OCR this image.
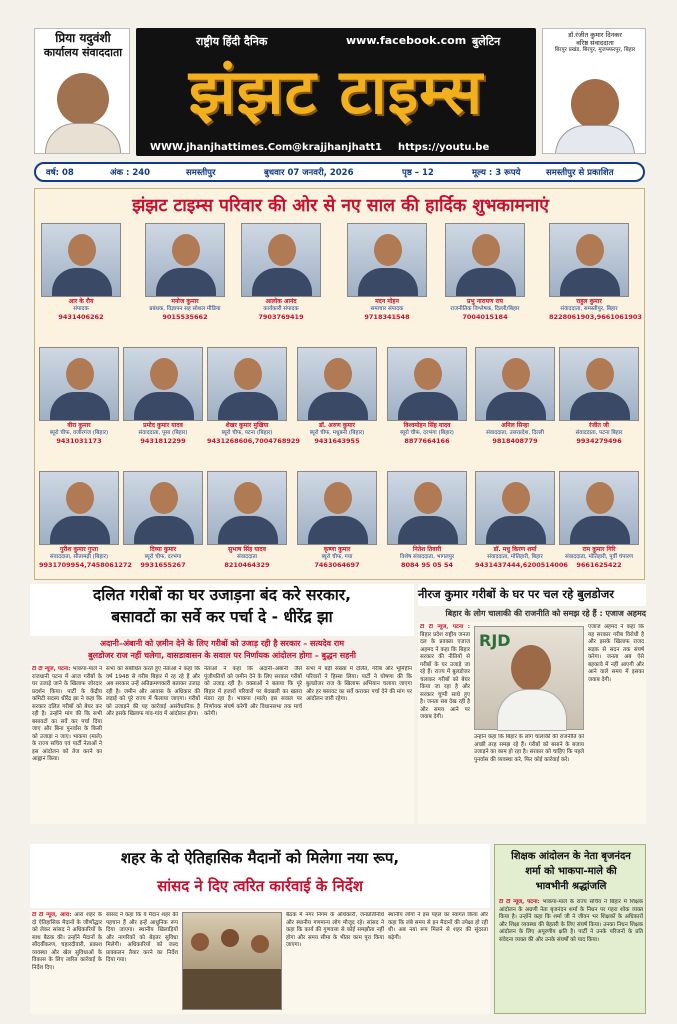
प्रिया यदुवंशी
कार्यालय संवाददाता
राष्ट्रीय हिंदी दैनिक	www.facebook.com बुलेटिन
झंझट टाइम्स
WWW.jhanjhattimes.Com @krajjhanjhatt1 https://youtu.be
डॉ.रंजीत कुमार दिनकर
वरिष्ठ संवाददाता
बिरपुर प्रखंड, बिरपुर, मुजफ्फरपुर, बिहार
वर्ष: 08	अंक : 240	समस्तीपुर	बुधवार 07 जनवरी, 2026	पृष्ठ – 12	मूल्य : 3 रूपये	समस्तीपुर से प्रकाशित
झंझट टाइम्स परिवार की ओर से नए साल की हार्दिक शुभकामनाएं
आर के रौय
संपादक
9431406262
मनोज कुमार
प्रबंधक, विज्ञापन सह सोशल मीडिया
9015535662
आलोक आनंद
कार्यकारी संपादक
7903769419
मदन मोहन
समाचार संपादक
9718341548
प्रभु नारायण राय
राजनीतिक विश्लेषक, दिल्ली/बिहार
7004015184
राहुल कुमार
संवाददाता, समस्तीपुर, बिहार
8228061903,9661061903
वीरा कुमार
ब्यूरो चीफ, वजीरगंज (बिहार)
9431031173
प्रमोद कुमार यादव
संवाददाता, पूसा (बिहार)
9431812299
शेखर कुमार मुखिया
ब्यूरो चीफ, पटना (बिहार)
9431268606,7004768929
डॉ. अरुण कुमार
ब्यूरो चीफ, मधुबनी (बिहार)
9431643955
विश्वमोहन सिंह यादव
ब्यूरो चीफ, दरभंगा (बिहार)
8877664166
अनिल सिन्हा
संवाददाता, उत्तरप्रदेश, दिल्ली
9818408779
रंजीत जी
संवाददाता, पटना बिहार
9934279496
गुरीश कुमार गुप्ता
संवाददाता, सीतामढ़ी (बिहार)
9931709954,7458061272
दिव्या कुमार
ब्यूरो चीफ, दरभंगा
9931655267
सुभाष सिंह यादव
संवाददाता
8210464329
कृष्णा कुमार
ब्यूरो चीफ, गया
7463064697
नितेश तिवारी
विशेष संवाददाता, भागलपुर
8084 95 05 54
डॉ. मधु किरण शर्मा
संवाददाता, मोतिहारी, बिहार
9431437444,6200514006
राम कुमार गिरि
संवाददाता, मोतिहारी, पूर्वी चंपारण
9661625422
दलित गरीबों का घर उजाड़ना बंद करे सरकार,
बसावटों का सर्वे कर पर्चा दे - धीरेंद्र झा
अदानी–अंबानी को ज़मीन देने के लिए गरीबों को उजाड़ रही है सरकार – सत्यदेव राम
बुलडोजर राज नहीं चलेगा, वासडावासन के सवाल पर निर्णायक आंदोलन होगा – बुद्धन सहनी
टी टी न्यूज, पटना: भाकपा-माले ने राजधानी पटना में आज गरीबों के घर उजाड़े जाने के खिलाफ जोरदार प्रदर्शन किया। पार्टी के केंद्रीय कमिटी सदस्य धीरेंद्र झा ने कहा कि सरकार दलित गरीबों को बेघर कर रही है। उन्होंने मांग की कि सभी बसावटों का सर्वे कर पर्चा दिया जाए और बिना पुनर्वास के किसी को उजाड़ा न जाए। भाकपा (माले) के राज्य सचिव एवं पार्टी नेताओं ने इस आंदोलन को तेज करने का आह्वान किया।
सभा को संबोधित करते हुए नेताओं ने कहा कि वर्ष 1948 से गरीब बिहार में रह रहे हैं और अब सरकार उन्हें अतिक्रमणकारी बताकर उजाड़ रही है। जमीन और आवास के अधिकार की लड़ाई को पूरे राज्य में फैलाया जाएगा। गरीबों को उजाड़ने की यह कार्रवाई असंवैधानिक है और इसके खिलाफ गांव-गांव में आंदोलन होगा।
नेताओं ने कहा कि अदानी–अंबानी जैसे पूंजीपतियों को जमीन देने के लिए सरकार गरीबों को उजाड़ रही है। वक्ताओं ने बताया कि पूरे बिहार में हजारों परिवारों पर बेदखली का खतरा मंडरा रहा है। भाकपा (माले) इस सवाल पर निर्णायक संघर्ष करेगी और विधानसभा तक मार्च करेगी।
सभा में बड़ी संख्या में दलित, गरीब और भूमिहीन परिवारों ने हिस्सा लिया। पार्टी ने घोषणा की कि बुलडोजर राज के खिलाफ अभियान चलाया जाएगा और हर बसावट का सर्वे कराकर पर्चा देने की मांग पर आंदोलन जारी रहेगा।
नीरज कुमार गरीबों के घर पर चल रहे बुलडोजर
बिहार के लोग चालाकी की राजनीति को समझ रहे हैं : एजाज अहमद
टी टी न्यूज, पटना : बिहार प्रदेश राष्ट्रीय जनता दल के प्रवक्ता एजाज अहमद ने कहा कि बिहार सरकार की नीतियों से गरीबों के घर उजाड़े जा रहे हैं। राज्य में बुलडोजर चलाकर गरीबों को बेघर किया जा रहा है और सरकार चुप्पी साधे हुए है। जनता सब देख रही है और समय आने पर जवाब देगी।
RJD
उन्होंने कहा कि बिहार के लोग चालाकी की राजनीति को अच्छी तरह समझ रहे हैं। गरीबों को बसाने के बजाय उजाड़ने का काम हो रहा है। सरकार को चाहिए कि पहले पुनर्वास की व्यवस्था करे, फिर कोई कार्रवाई करे।
एजाज अहमद ने कहा कि यह सरकार गरीब विरोधी है और इसके खिलाफ राजद सड़क से सदन तक संघर्ष करेगा। जनता अब ऐसे बहकावे में नहीं आएगी और आने वाले समय में इसका जवाब देगी।
शहर के दो ऐतिहासिक मैदानों को मिलेगा नया रूप,
सांसद ने दिए त्वरित कार्रवाई के निर्देश
टी टी न्यूज, आरा: आरा शहर के दो ऐतिहासिक मैदानों के जीर्णोद्धार को लेकर सांसद ने अधिकारियों के साथ बैठक की। उन्होंने मैदानों के सौंदर्यीकरण, चहारदीवारी, प्रकाश व्यवस्था और खेल सुविधाओं के विकास के लिए त्वरित कार्रवाई के निर्देश दिए।
सांसद ने कहा कि ये मैदान शहर की पहचान हैं और इन्हें आधुनिक रूप दिया जाएगा। स्थानीय खिलाड़ियों और नागरिकों को बेहतर सुविधा मिलेगी। अधिकारियों को जल्द प्राक्कलन तैयार करने का निर्देश दिया गया।
बैठक में नगर निगम के अधिकारी, जनप्रतिनिधि और स्थानीय गणमान्य लोग मौजूद रहे। सांसद ने कहा कि कार्य की गुणवत्ता से कोई समझौता नहीं होगा और समय सीमा के भीतर काम पूरा किया जाएगा।
स्थानीय लोगों ने इस पहल का स्वागत किया और कहा कि लंबे समय से इन मैदानों की उपेक्षा हो रही थी। अब नया रूप मिलने से शहर की सुंदरता बढ़ेगी।
शिक्षक आंदोलन के नेता बृजनंदन
शर्मा को भाकपा-माले की
भावभीनी श्रद्धांजलि
टी टी न्यूज, पटना: भाकपा-माले के राज्य सचिव ने बिहार में शिक्षक आंदोलन के अग्रणी नेता बृजनंदन शर्मा के निधन पर गहरा शोक व्यक्त किया है। उन्होंने कहा कि शर्मा जी ने जीवन भर शिक्षकों के अधिकारों और शिक्षा व्यवस्था की बेहतरी के लिए संघर्ष किया। उनका निधन शिक्षक आंदोलन के लिए अपूरणीय क्षति है। पार्टी ने उनके परिजनों के प्रति संवेदना व्यक्त की और उनके संघर्षों को याद किया।
